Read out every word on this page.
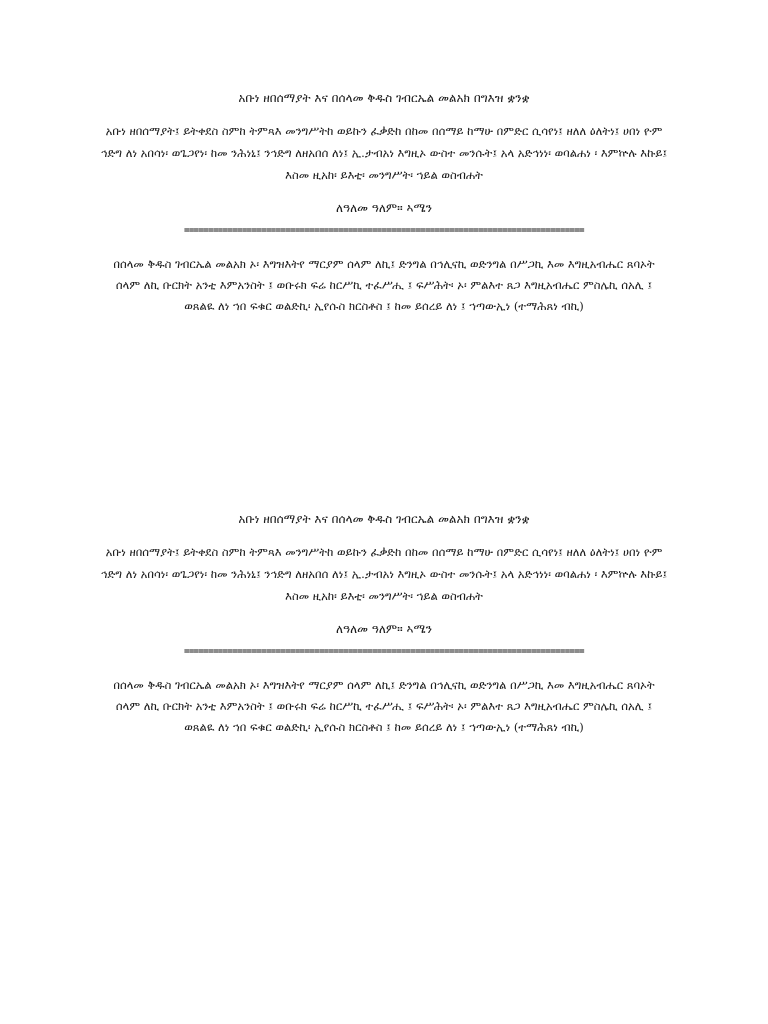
አቡነ ዘበሰማያት እና በሰላመ ቅዱስ ገብርኤል መልአክ በግእዝ ቋንቋ

አቡነ ዘበሰማያት፤ ይትቀደስ ስምከ ትምጻእ መንግሥትከ ወይኩን ፈቃድከ በከመ በሰማይ ከማሁ በምድር ሲሳየነ፤ ዘለለ ዕለትነ፤ ሀበነ ዮም ኅድግ ለነ አበሳነ፡ ወጌጋየነ፡ ከመ ንሕነኒ፤ ንኅድግ ለዘአበሰ ለነ፤ ኢ.ታብአነ እግዚኦ ውስተ መንሱት፤ አላ አድኅነነ፡ ወባልሐነ ፡ እምኵሉ እኩይ፤ እስመ ዚአከ፡ ይእቲ፡ መንግሥት፡ ኀይል ወስብሐት

ለዓለመ ዓለም። ኣሜን

===================================================================================

በሰላመ ቅዱስ ገብርኤል መልአክ ኦ፡ እግዝእትየ ማርያም ሰላም ለኪ፤ ድንግል በኅሊናኪ ወድንግል በሥጋኪ እመ እግዚአብሔር ጸባኦት ሰላም ለኪ ቡርክት አንቲ እምአንስት ፤ ወቡሩክ ፍሬ ከርሥኪ ተፈሥሒ ፤ ፍሥሕት፡ ኦ፡ ምልእተ ጸጋ እግዚአብሔር ምስሌኪ ሰአሊ ፤ ወጸልዪ ለነ ኀበ ፍቁር ወልድኪ፡ ኢየሱስ ክርስቶስ ፤ ከመ ይሰረይ ለነ ፤ ኀጣውኢነ (ተማሕጸነ ብኪ)

አቡነ ዘበሰማያት እና በሰላመ ቅዱስ ገብርኤል መልአክ በግእዝ ቋንቋ

አቡነ ዘበሰማያት፤ ይትቀደስ ስምከ ትምጻእ መንግሥትከ ወይኩን ፈቃድከ በከመ በሰማይ ከማሁ በምድር ሲሳየነ፤ ዘለለ ዕለትነ፤ ሀበነ ዮም ኅድግ ለነ አበሳነ፡ ወጌጋየነ፡ ከመ ንሕነኒ፤ ንኅድግ ለዘአበሰ ለነ፤ ኢ.ታብአነ እግዚኦ ውስተ መንሱት፤ አላ አድኅነነ፡ ወባልሐነ ፡ እምኵሉ እኩይ፤ እስመ ዚአከ፡ ይእቲ፡ መንግሥት፡ ኀይል ወስብሐት

ለዓለመ ዓለም። ኣሜን

===================================================================================

በሰላመ ቅዱስ ገብርኤል መልአክ ኦ፡ እግዝእትየ ማርያም ሰላም ለኪ፤ ድንግል በኅሊናኪ ወድንግል በሥጋኪ እመ እግዚአብሔር ጸባኦት ሰላም ለኪ ቡርክት አንቲ እምአንስት ፤ ወቡሩክ ፍሬ ከርሥኪ ተፈሥሒ ፤ ፍሥሕት፡ ኦ፡ ምልእተ ጸጋ እግዚአብሔር ምስሌኪ ሰአሊ ፤ ወጸልዪ ለነ ኀበ ፍቁር ወልድኪ፡ ኢየሱስ ክርስቶስ ፤ ከመ ይሰረይ ለነ ፤ ኀጣውኢነ (ተማሕጸነ ብኪ)
